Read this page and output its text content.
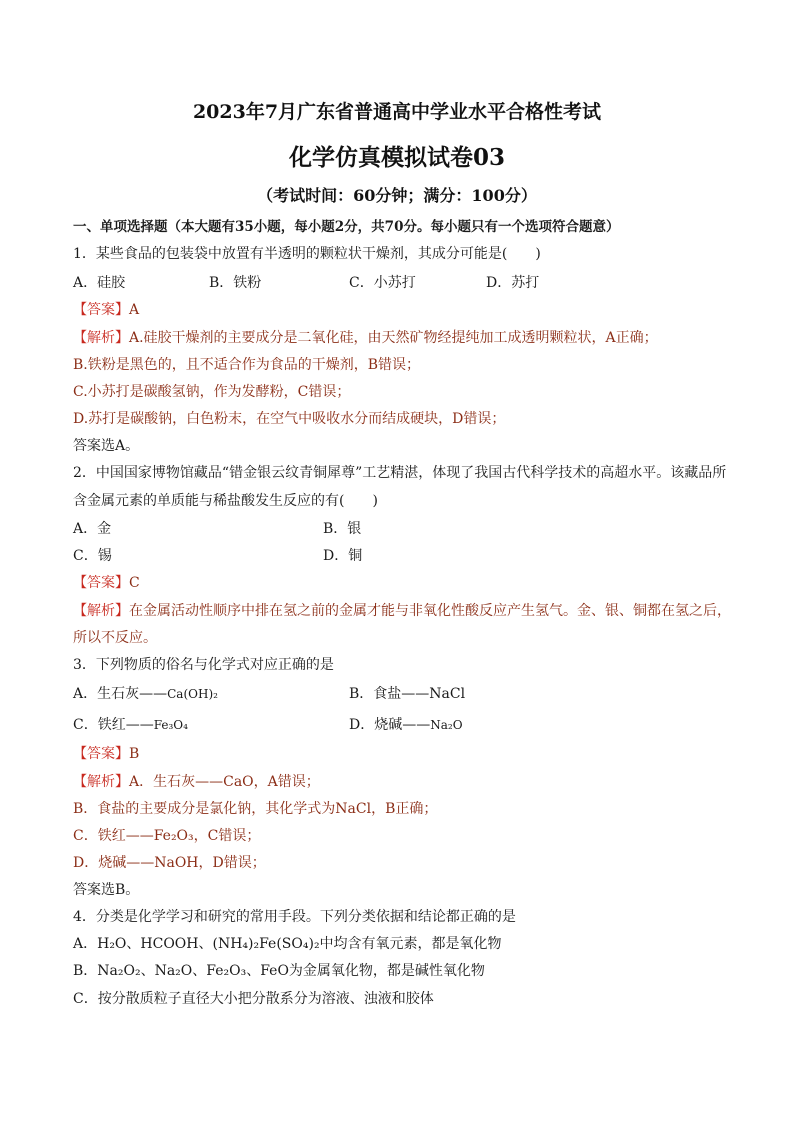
2023年7月广东省普通高中学业水平合格性考试
化学仿真模拟试卷03
（考试时间：60分钟；满分：100分）
一、单项选择题（本大题有35小题，每小题2分，共70分。每小题只有一个选项符合题意）
1．某些食品的包装袋中放置有半透明的颗粒状干燥剂，其成分可能是(　　)
A．硅胶	B．铁粉	C．小苏打	D．苏打
【答案】A
【解析】A.硅胶干燥剂的主要成分是二氧化硅，由天然矿物经提纯加工成透明颗粒状，A正确；
B.铁粉是黑色的，且不适合作为食品的干燥剂，B错误；
C.小苏打是碳酸氢钠，作为发酵粉，C错误；
D.苏打是碳酸钠，白色粉末，在空气中吸收水分而结成硬块，D错误；
答案选A。
2．中国国家博物馆藏品“错金银云纹青铜犀尊”工艺精湛，体现了我国古代科学技术的高超水平。该藏品所
含金属元素的单质能与稀盐酸发生反应的有(　　)
A．金	B．银
C．锡	D．铜
【答案】C
【解析】在金属活动性顺序中排在氢之前的金属才能与非氧化性酸反应产生氢气。金、银、铜都在氢之后，
所以不反应。
3．下列物质的俗名与化学式对应正确的是
A．生石灰——Ca(OH)₂	B．食盐——NaCl
C．铁红——Fe₃O₄	D．烧碱——Na₂O
【答案】B
【解析】A．生石灰——CaO，A错误；
B．食盐的主要成分是氯化钠，其化学式为NaCl，B正确；
C．铁红——Fe₂O₃，C错误；
D．烧碱——NaOH，D错误；
答案选B。
4．分类是化学学习和研究的常用手段。下列分类依据和结论都正确的是
A．H₂O、HCOOH、(NH₄)₂Fe(SO₄)₂中均含有氧元素，都是氧化物
B．Na₂O₂、Na₂O、Fe₂O₃、FeO为金属氧化物，都是碱性氧化物
C．按分散质粒子直径大小把分散系分为溶液、浊液和胶体
